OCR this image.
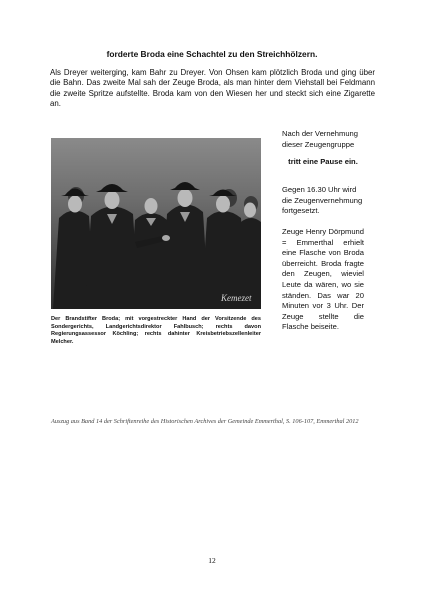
forderte Broda eine Schachtel zu den Streichhölzern.

Als Dreyer weiterging, kam Bahr zu Dreyer. Von Ohsen kam plötzlich Broda und ging über die Bahn. Das zweite Mal sah der Zeuge Broda, als man hinter dem Viehstall bei Feldmann die zweite Spritze aufstellte. Broda kam von den Wiesen her und steckt sich eine Zigarette an.

Kemezet

Der Brandstifter Broda; mit vorgestreckter Hand der Vorsitzende des Sondergerichts, Landgerichtsdirektor Fahlbusch; rechts davon Regierungsassessor Köchling; rechts dahinter Kreisbetriebszellenleiter Melcher.

Nach der Vernehmung dieser Zeugengruppe

tritt eine Pause ein.

Gegen 16.30 Uhr wird die Zeugenvernehmung fortgesetzt.

Zeuge Henry Dörpmund = Emmerthal erhielt eine Flasche von Broda überreicht. Broda fragte den Zeugen, wieviel Leute da wären, wo sie ständen. Das war 20 Minuten vor 3 Uhr. Der Zeuge stellte die Flasche beiseite.

Auszug aus Band 14 der Schriftenreihe des Historischen Archives der Gemeinde Emmerthal, S. 106-107, Emmerthal 2012

12
